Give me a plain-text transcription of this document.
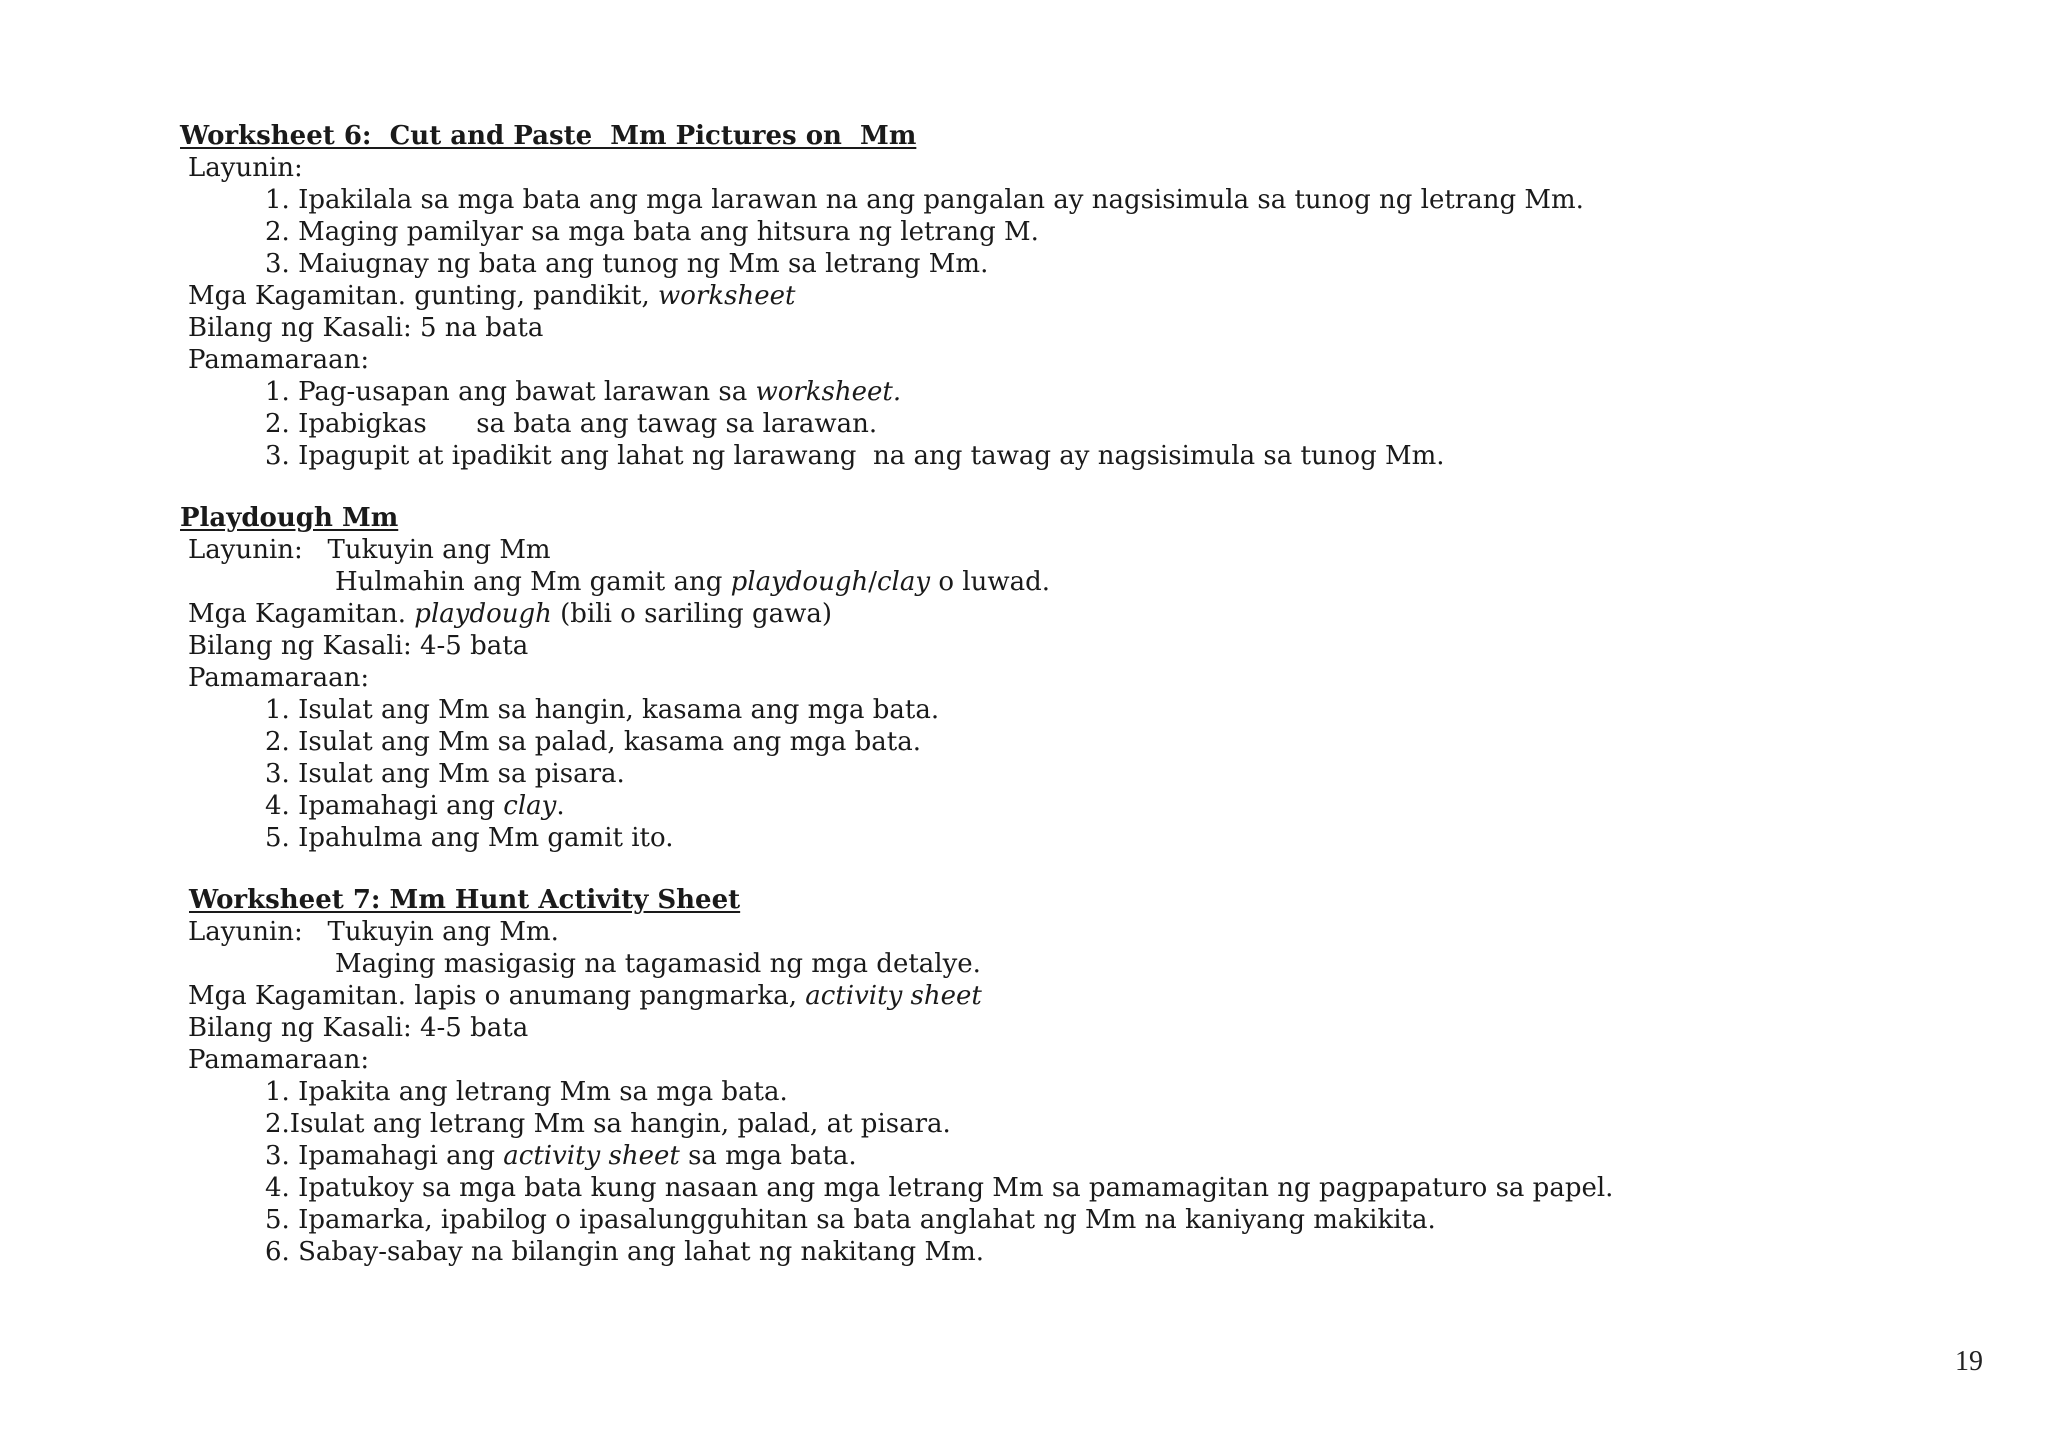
Worksheet 6:  Cut and Paste  Mm Pictures on  Mm
Layunin:
1. Ipakilala sa mga bata ang mga larawan na ang pangalan ay nagsisimula sa tunog ng letrang Mm.
2. Maging pamilyar sa mga bata ang hitsura ng letrang M.
3. Maiugnay ng bata ang tunog ng Mm sa letrang Mm.
Mga Kagamitan. gunting, pandikit, worksheet
Bilang ng Kasali: 5 na bata
Pamamaraan:
1. Pag-usapan ang bawat larawan sa worksheet.
2. Ipabigkas      sa bata ang tawag sa larawan.
3. Ipagupit at ipadikit ang lahat ng larawang  na ang tawag ay nagsisimula sa tunog Mm.
Playdough Mm
Layunin:   Tukuyin ang Mm
Hulmahin ang Mm gamit ang playdough/clay o luwad.
Mga Kagamitan. playdough (bili o sariling gawa)
Bilang ng Kasali: 4-5 bata
Pamamaraan:
1. Isulat ang Mm sa hangin, kasama ang mga bata.
2. Isulat ang Mm sa palad, kasama ang mga bata.
3. Isulat ang Mm sa pisara.
4. Ipamahagi ang clay.
5. Ipahulma ang Mm gamit ito.
Worksheet 7: Mm Hunt Activity Sheet
Layunin:   Tukuyin ang Mm.
Maging masigasig na tagamasid ng mga detalye.
Mga Kagamitan. lapis o anumang pangmarka, activity sheet
Bilang ng Kasali: 4-5 bata
Pamamaraan:
1. Ipakita ang letrang Mm sa mga bata.
2.Isulat ang letrang Mm sa hangin, palad, at pisara.
3. Ipamahagi ang activity sheet sa mga bata.
4. Ipatukoy sa mga bata kung nasaan ang mga letrang Mm sa pamamagitan ng pagpapaturo sa papel.
5. Ipamarka, ipabilog o ipasalungguhitan sa bata anglahat ng Mm na kaniyang makikita.
6. Sabay-sabay na bilangin ang lahat ng nakitang Mm.
19
